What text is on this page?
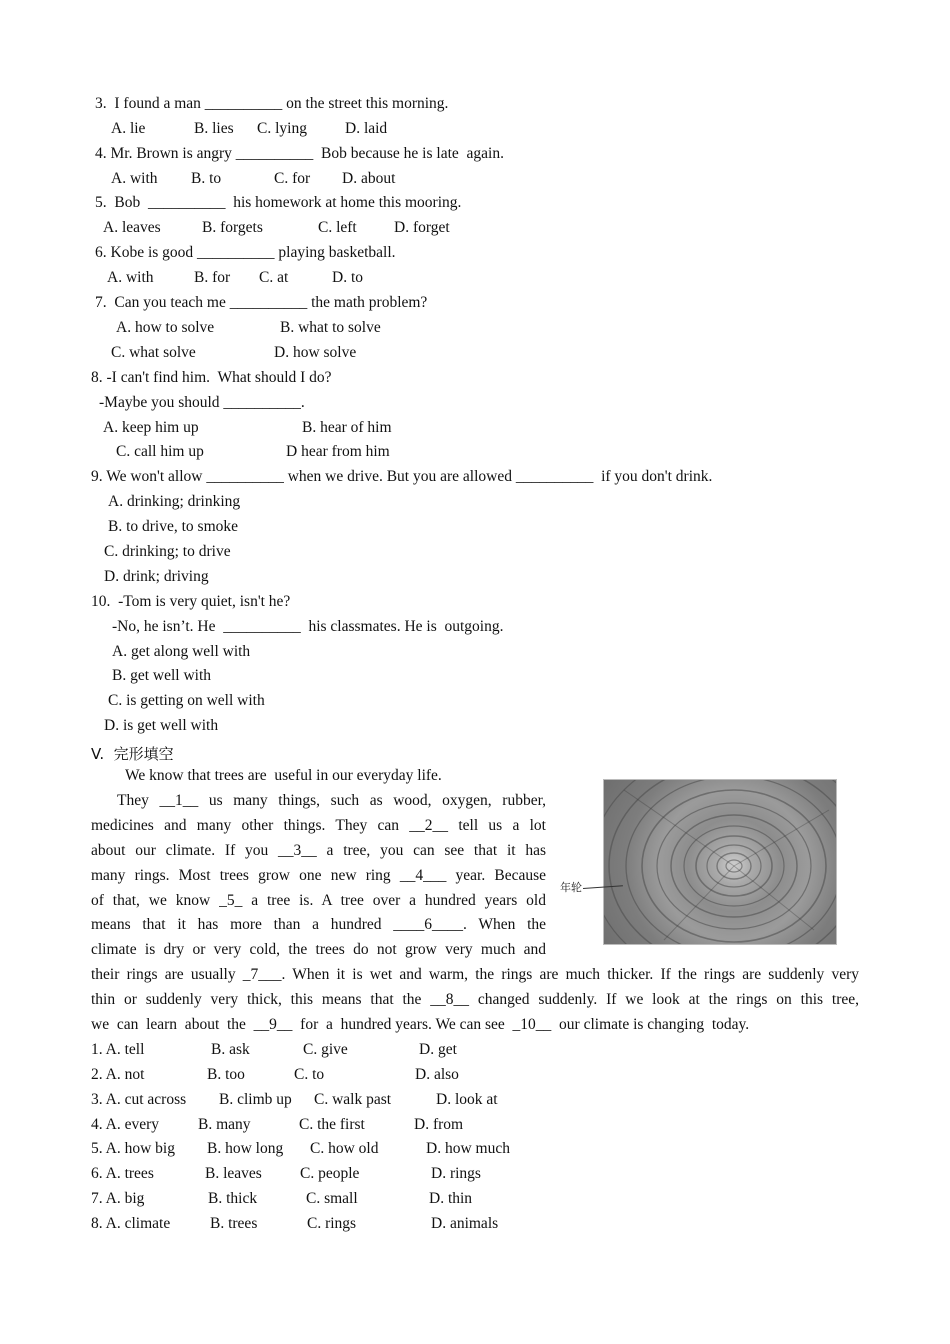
3.  I found a man __________ on the street this morning.
A. lie	B. lies C. lying D. laid
4. Mr. Brown is angry __________  Bob because he is late  again.
A. with B. to	C. for D. about
5.  Bob  __________  his homework at home this mooring.
A. leaves	B. forgets	C. left D. forget
6. Kobe is good __________ playing basketball.
A. with	B. for C. at	D. to
7.  Can you teach me __________ the math problem?
A. how to solve	B. what to solve
C. what solve	D. how solve
8. -I can't find him.  What should I do?
-Maybe you should __________.
A. keep him up	B. hear of him
C. call him up	D hear from him
9. We won't allow __________ when we drive. But you are allowed __________  if you don't drink.
A. drinking; drinking
B. to drive, to smoke
C. drinking; to drive
D. drink; driving
10.  -Tom is very quiet, isn't he?
-No, he isn’t. He  __________  his classmates. He is  outgoing.
A. get along well with
B. get well with
C. is getting on well with
D. is get well with
V.  完形填空
We know that trees are  useful in our everyday life.
They __1__ us many things, such as wood, oxygen, rubber,
medicines and many other things. They can __2__ tell us a lot
about our climate. If you __3__ a tree, you can see that it has
many rings. Most trees grow one new ring __4___ year. Because
of that, we know _5_ a tree is. A tree over a hundred years old
means that it has more than a hundred ____6____. When the
climate is dry or very cold, the trees do not grow very much and
their rings are usually _7___. When it is wet and warm, the rings are much thicker. If the rings are suddenly very
thin or suddenly very thick, this means that the __8__ changed suddenly. If we look at the rings on this tree,
we  can  learn  about  the  __9__  for  a  hundred years. We can see  _10__  our climate is changing  today.
年轮
1. A. tell	B. ask	C. give	D. get
2. A. not	B. too	C. to	D. also
3. A. cut across B. climb up C. walk past	D. look at
4. A. every	B. many	C. the first	D. from
5. A. how big B. how long C. how old	D. how much
6. A. trees	B. leaves C. people	D. rings
7. A. big	B. thick	C. small	D. thin
8. A. climate	B. trees	C. rings	D. animals
